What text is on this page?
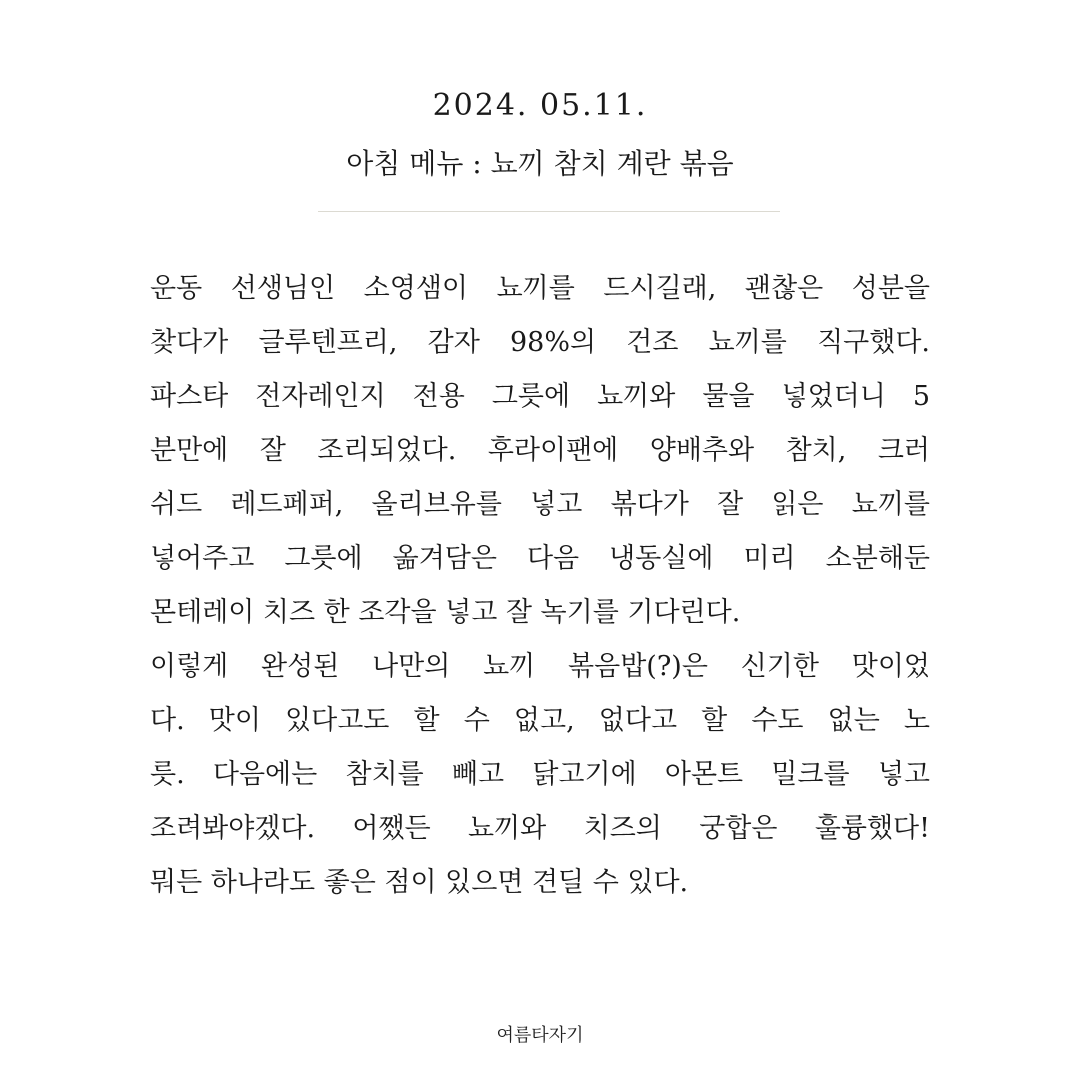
2024. 05.11.
아침 메뉴 : 뇨끼 참치 계란 볶음
운동 선생님인 소영샘이 뇨끼를 드시길래, 괜찮은 성분을
찾다가 글루텐프리, 감자 98%의 건조 뇨끼를 직구했다.
파스타 전자레인지 전용 그릇에 뇨끼와 물을 넣었더니 5
분만에 잘 조리되었다. 후라이팬에 양배추와 참치, 크러
쉬드 레드페퍼, 올리브유를 넣고 볶다가 잘 읽은 뇨끼를
넣어주고 그릇에 옮겨담은 다음 냉동실에 미리 소분해둔
몬테레이 치즈 한 조각을 넣고 잘 녹기를 기다린다.
이렇게 완성된 나만의 뇨끼 볶음밥(?)은 신기한 맛이었
다. 맛이 있다고도 할 수 없고, 없다고 할 수도 없는 노
릇. 다음에는 참치를 빼고 닭고기에 아몬트 밀크를 넣고
조려봐야겠다. 어쨌든 뇨끼와 치즈의 궁합은 훌륭했다!
뭐든 하나라도 좋은 점이 있으면 견딜 수 있다.
여름타자기
